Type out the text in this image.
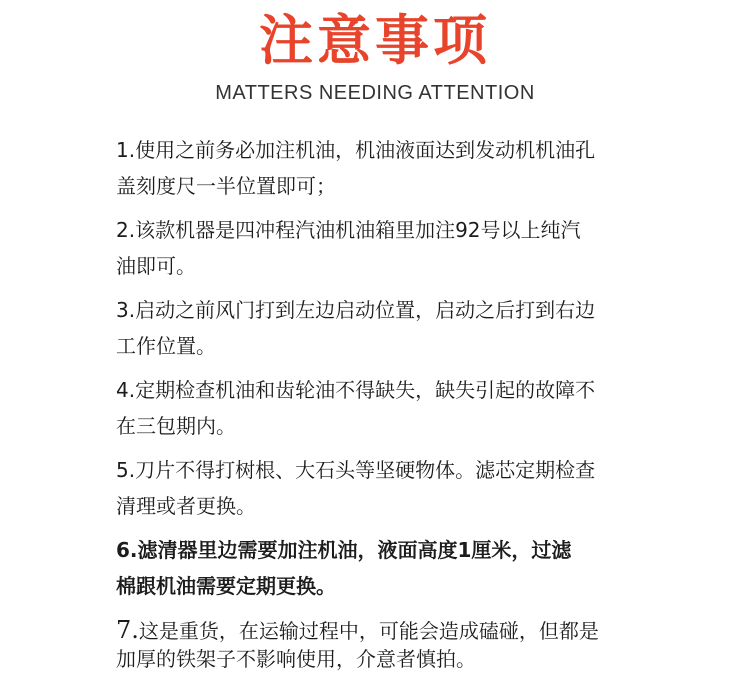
注意事项
MATTERS NEEDING ATTENTION
1.使用之前务必加注机油，机油液面达到发动机机油孔
盖刻度尺一半位置即可；
2.该款机器是四冲程汽油机油箱里加注92号以上纯汽
油即可。
3.启动之前风门打到左边启动位置，启动之后打到右边
工作位置。
4.定期检查机油和齿轮油不得缺失，缺失引起的故障不
在三包期内。
5.刀片不得打树根、大石头等坚硬物体。滤芯定期检查
清理或者更换。
6.滤清器里边需要加注机油，液面高度1厘米，过滤
棉跟机油需要定期更换。
7.这是重货，在运输过程中，可能会造成磕碰，但都是
加厚的铁架子不影响使用，介意者慎拍。
